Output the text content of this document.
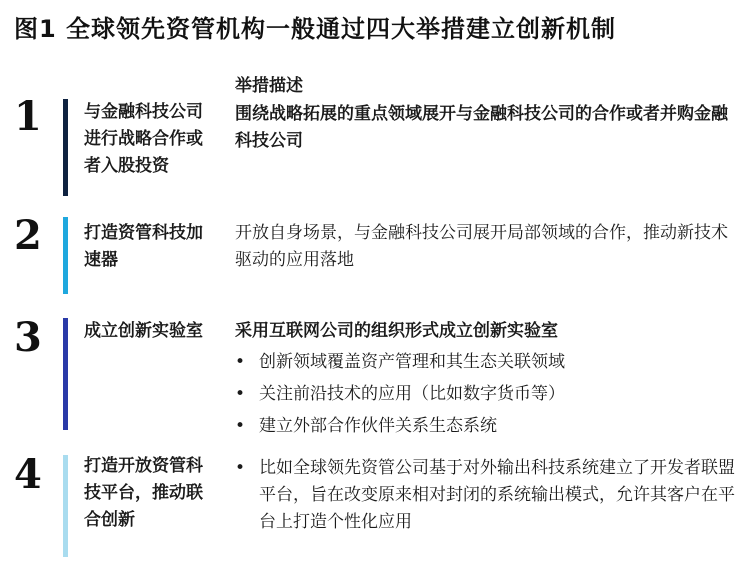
图1 全球领先资管机构一般通过四大举措建立创新机制
举措描述
1 与金融科技公司进行战略合作或者入股投资
围绕战略拓展的重点领域展开与金融科技公司的合作或者并购金融科技公司
2 打造资管科技加速器
开放自身场景，与金融科技公司展开局部领域的合作，推动新技术驱动的应用落地
3 成立创新实验室	采用互联网公司的组织形式成立创新实验室
• 创新领域覆盖资产管理和其生态关联领域
• 关注前沿技术的应用（比如数字货币等）
• 建立外部合作伙伴关系生态系统
4 打造开放资管科技平台，推动联合创新
• 比如全球领先资管公司基于对外输出科技系统建立了开发者联盟平台，旨在改变原来相对封闭的系统输出模式，允许其客户在平台上打造个性化应用
